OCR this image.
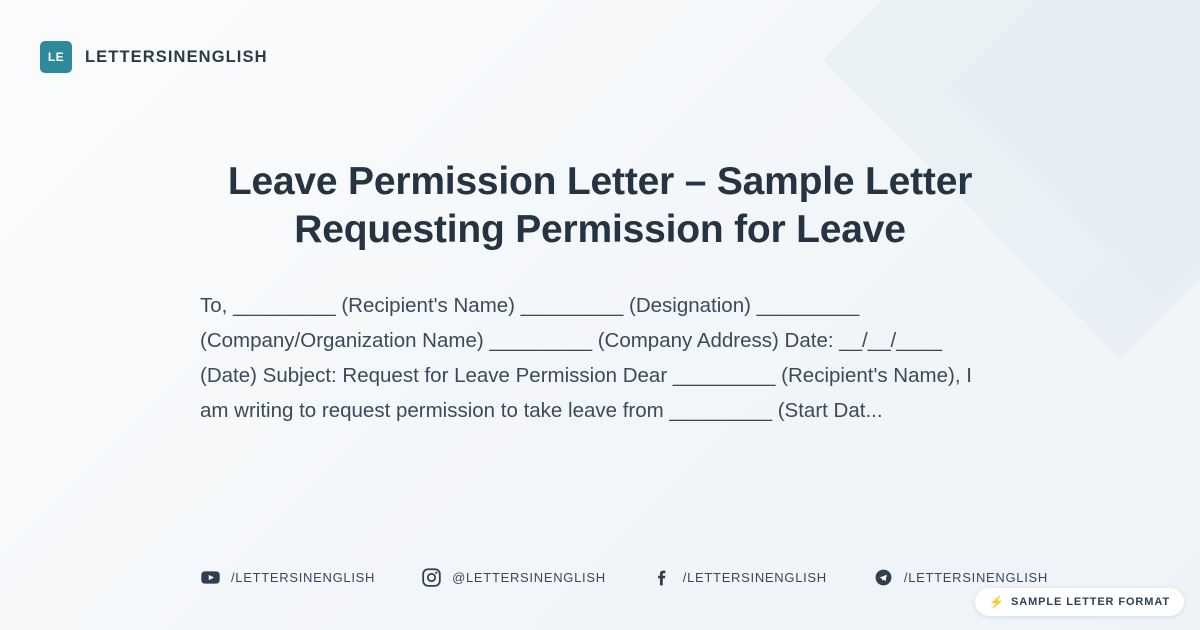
LE	LETTERSINENGLISH
Leave Permission Letter – Sample Letter Requesting Permission for Leave

To, _________ (Recipient's Name) _________ (Designation) _________ (Company/Organization Name) _________ (Company Address) Date: __/__/____ (Date) Subject: Request for Leave Permission Dear _________ (Recipient's Name), I am writing to request permission to take leave from _________ (Start Dat...

/LETTERSINENGLISH	@LETTERSINENGLISH	/LETTERSINENGLISH	/LETTERSINENGLISH
⚡ SAMPLE LETTER FORMAT
